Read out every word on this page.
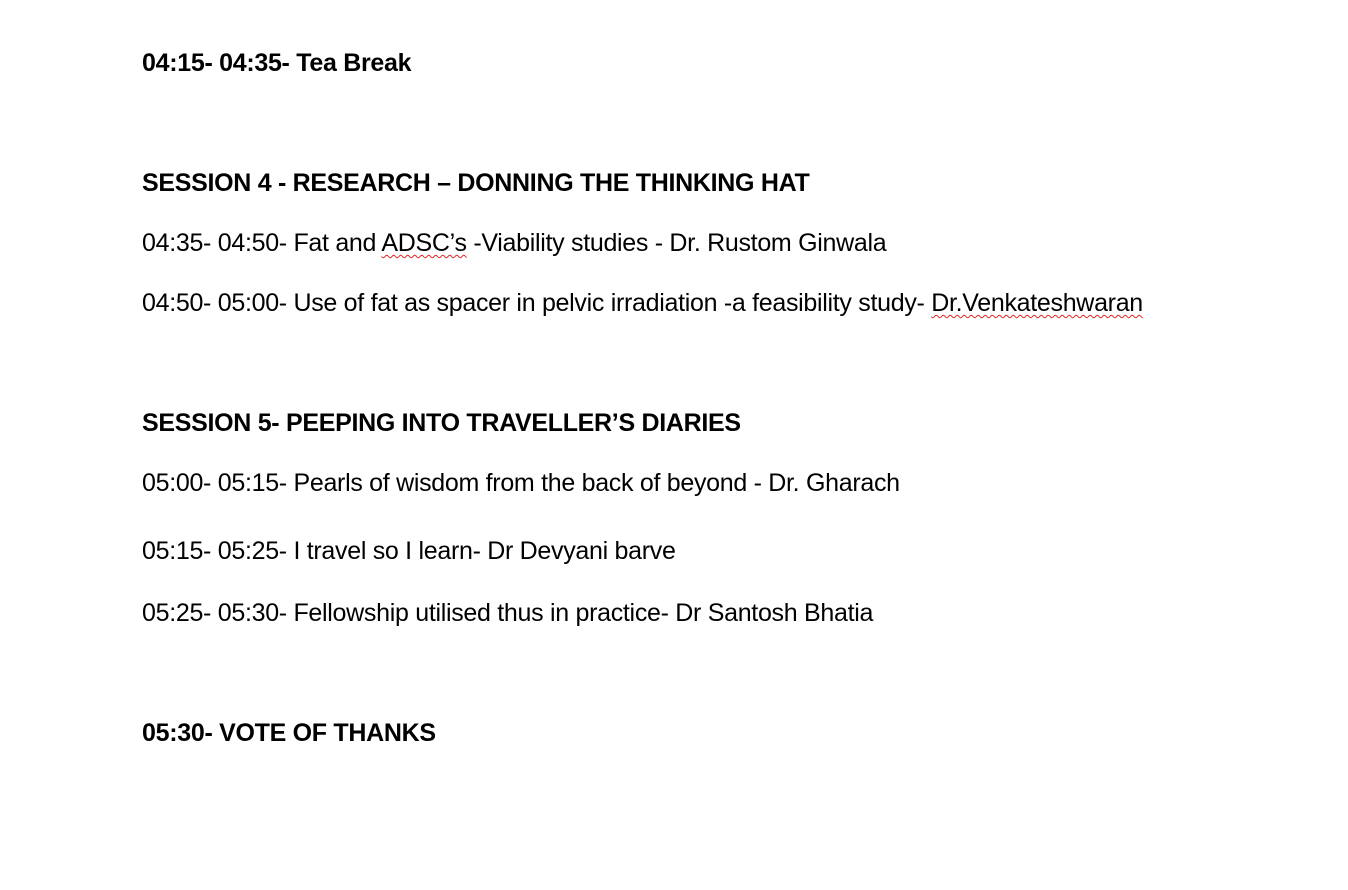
04:15- 04:35- Tea Break
SESSION 4 - RESEARCH – DONNING THE THINKING HAT
04:35- 04:50- Fat and ADSC’s -Viability studies - Dr. Rustom Ginwala
04:50- 05:00- Use of fat as spacer in pelvic irradiation -a feasibility study- Dr.Venkateshwaran
SESSION 5- PEEPING INTO TRAVELLER’S DIARIES
05:00- 05:15- Pearls of wisdom from the back of beyond - Dr. Gharach
05:15- 05:25- I travel so I learn- Dr Devyani barve
05:25- 05:30- Fellowship utilised thus in practice- Dr Santosh Bhatia
05:30- VOTE OF THANKS
